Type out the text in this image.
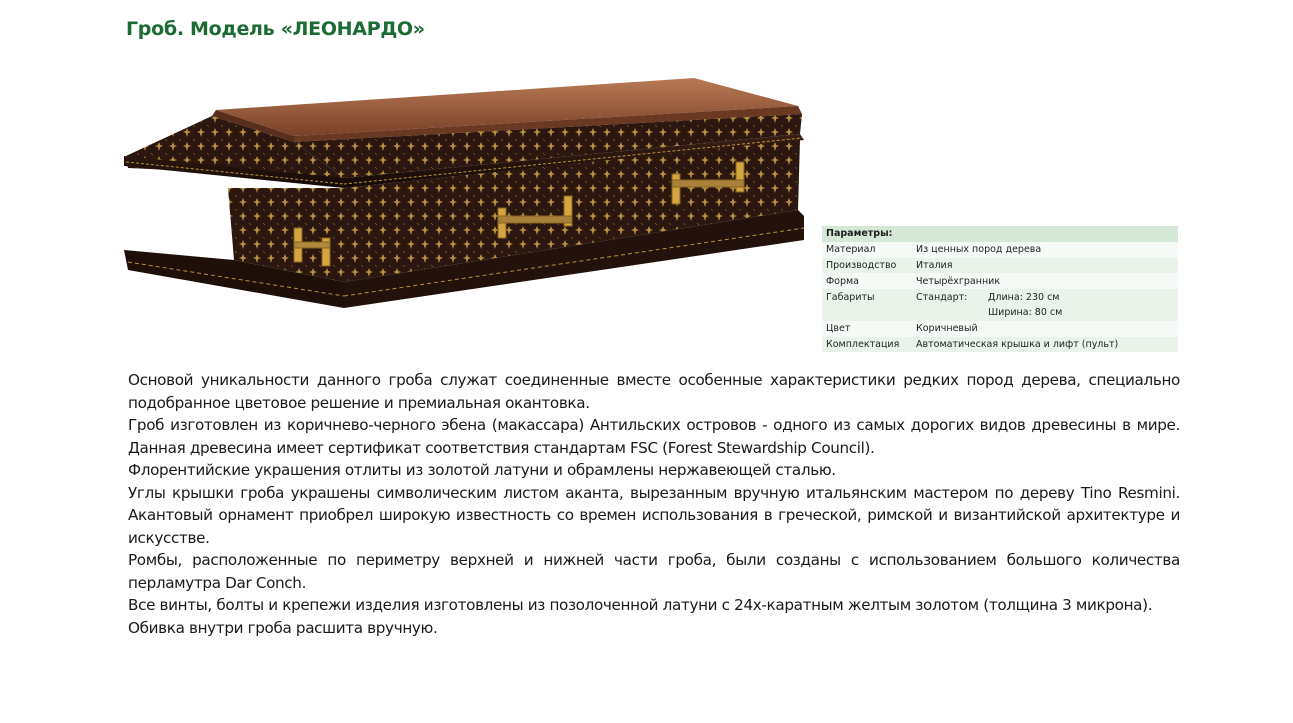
Гроб. Модель «ЛЕОНАРДО»
Параметры:	
Материал	Из ценных пород дерева
Производство	Италия
Форма	Четырёхгранник
Габариты	Стандарт: Длина: 230 см

	Ширина: 80 см

Цвет	Коричневый
Комплектация	Автоматическая крышка и лифт (пульт)

Основой уникальности данного гроба служат соединенные вместе особенные характеристики редких пород дерева, специально подобранное цветовое решение и премиальная окантовка.

Гроб изготовлен из коричнево-черного эбена (макассара) Антильских островов - одного из самых дорогих видов древесины в мире. Данная древесина имеет сертификат соответствия стандартам FSC (Forest Stewardship Council).

Флорентийские украшения отлиты из золотой латуни и обрамлены нержавеющей сталью.

Углы крышки гроба украшены символическим листом аканта, вырезанным вручную итальянским мастером по дереву Tino Resmini. Акантовый орнамент приобрел широкую известность со времен использования в греческой, римской и византийской архитектуре и искусстве.

Ромбы, расположенные по периметру верхней и нижней части гроба, были созданы с использованием большого количества перламутра Dar Conch.

Все винты, болты и крепежи изделия изготовлены из позолоченной латуни с 24х-каратным желтым золотом (толщина 3 микрона).

Обивка внутри гроба расшита вручную.
